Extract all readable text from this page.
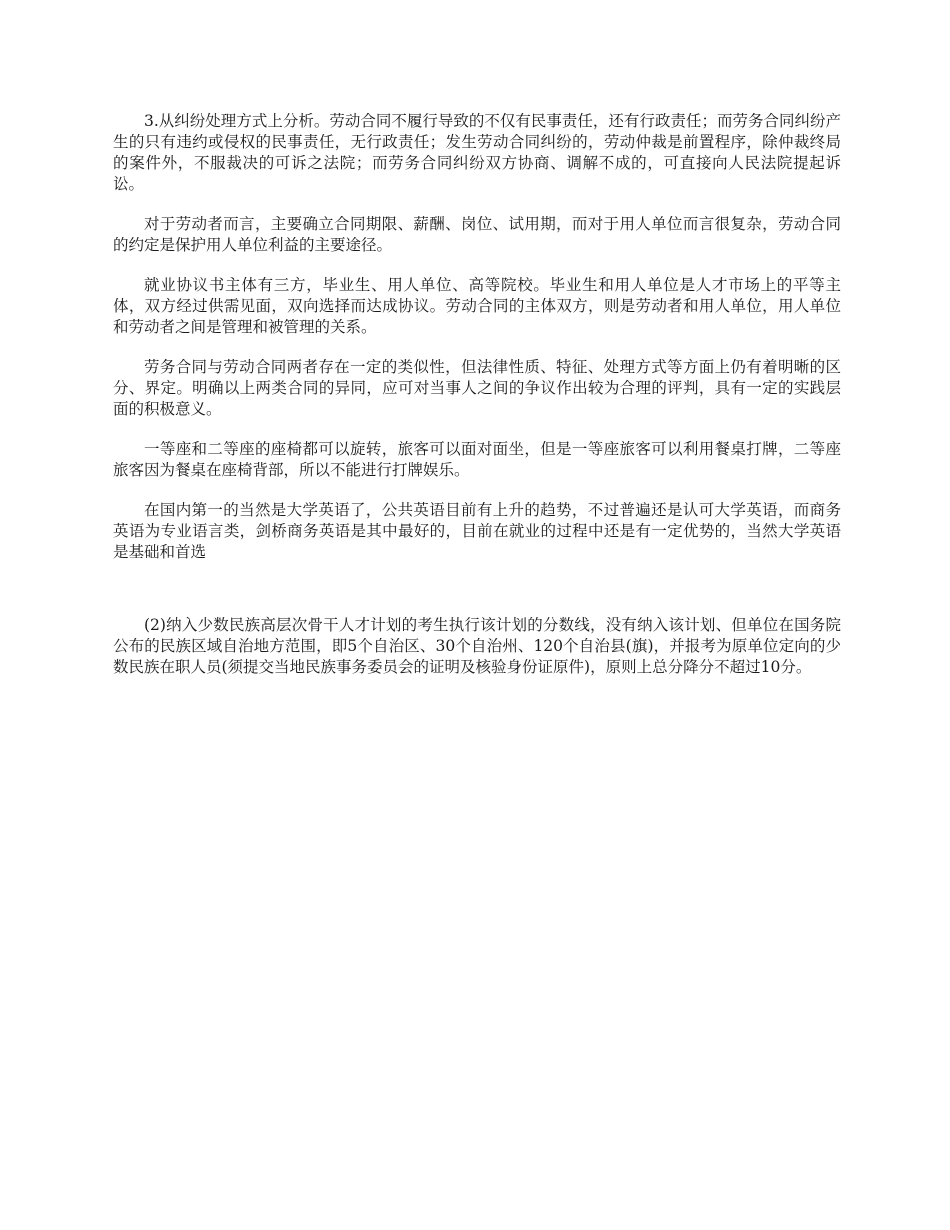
3.从纠纷处理方式上分析。劳动合同不履行导致的不仅有民事责任，还有行政责任；而劳务合同纠纷产生的只有违约或侵权的民事责任，无行政责任；发生劳动合同纠纷的，劳动仲裁是前置程序，除仲裁终局的案件外，不服裁决的可诉之法院；而劳务合同纠纷双方协商、调解不成的，可直接向人民法院提起诉讼。

对于劳动者而言，主要确立合同期限、薪酬、岗位、试用期，而对于用人单位而言很复杂，劳动合同的约定是保护用人单位利益的主要途径。

就业协议书主体有三方，毕业生、用人单位、高等院校。毕业生和用人单位是人才市场上的平等主体，双方经过供需见面，双向选择而达成协议。劳动合同的主体双方，则是劳动者和用人单位，用人单位和劳动者之间是管理和被管理的关系。

劳务合同与劳动合同两者存在一定的类似性，但法律性质、特征、处理方式等方面上仍有着明晰的区分、界定。明确以上两类合同的异同，应可对当事人之间的争议作出较为合理的评判，具有一定的实践层面的积极意义。

一等座和二等座的座椅都可以旋转，旅客可以面对面坐，但是一等座旅客可以利用餐桌打牌，二等座旅客因为餐桌在座椅背部，所以不能进行打牌娱乐。

在国内第一的当然是大学英语了，公共英语目前有上升的趋势，不过普遍还是认可大学英语，而商务英语为专业语言类，剑桥商务英语是其中最好的，目前在就业的过程中还是有一定优势的，当然大学英语是基础和首选

(2)纳入少数民族高层次骨干人才计划的考生执行该计划的分数线，没有纳入该计划、但单位在国务院公布的民族区域自治地方范围，即5个自治区、30个自治州、120个自治县(旗)，并报考为原单位定向的少数民族在职人员(须提交当地民族事务委员会的证明及核验身份证原件)，原则上总分降分不超过10分。
